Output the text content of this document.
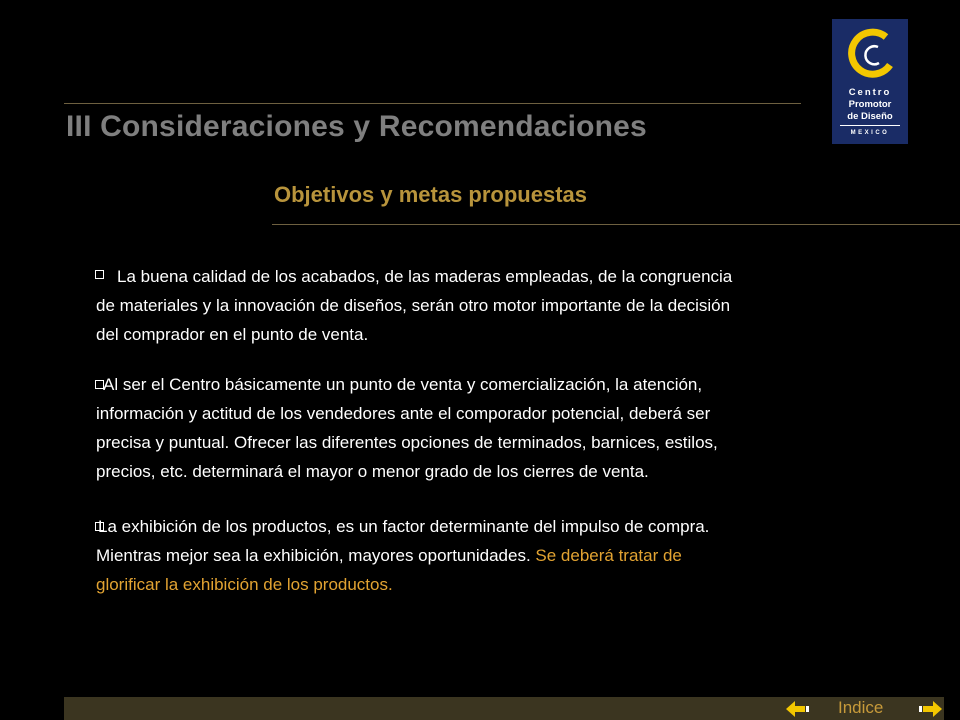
III Consideraciones y Recomendaciones
Objetivos y metas propuestas
Centro
Promotor
de Diseño
MEXICO
La buena calidad de los acabados, de las maderas empleadas, de la congruencia
de materiales y la innovación de diseños, serán otro motor importante de la decisión
del comprador en el punto de venta.
Al ser el Centro básicamente un punto de venta y comercialización, la atención,
información y actitud de los vendedores ante el comporador potencial, deberá ser
precisa y puntual. Ofrecer las diferentes opciones de terminados, barnices, estilos,
precios, etc. determinará el mayor o menor grado de los cierres de venta.
La exhibición de los productos, es un factor determinante del impulso de compra.
Mientras mejor sea la exhibición, mayores oportunidades. Se deberá tratar de
glorificar la exhibición de los productos.
Indice
